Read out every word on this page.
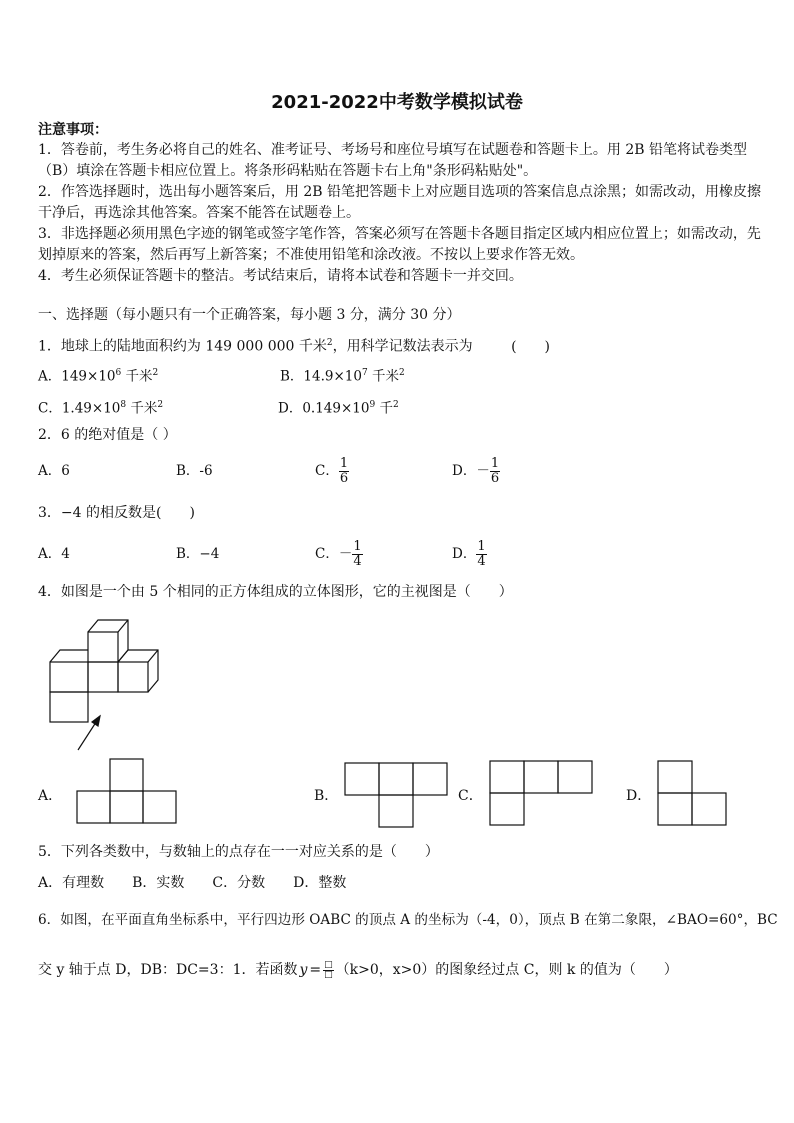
2021-2022中考数学模拟试卷
注意事项：
1．答卷前，考生务必将自己的姓名、准考证号、考场号和座位号填写在试题卷和答题卡上。用 2B 铅笔将试卷类型
（B）填涂在答题卡相应位置上。将条形码粘贴在答题卡右上角"条形码粘贴处"。
2．作答选择题时，选出每小题答案后，用 2B 铅笔把答题卡上对应题目选项的答案信息点涂黑；如需改动，用橡皮擦
干净后，再选涂其他答案。答案不能答在试题卷上。
3．非选择题必须用黑色字迹的钢笔或签字笔作答，答案必须写在答题卡各题目指定区域内相应位置上；如需改动，先
划掉原来的答案，然后再写上新答案；不准使用铅笔和涂改液。不按以上要求作答无效。
4．考生必须保证答题卡的整洁。考试结束后，请将本试卷和答题卡一并交回。
一、选择题（每小题只有一个正确答案，每小题 3 分，满分 30 分）
1．地球上的陆地面积约为 149 000 000 千米$^2$，用科学记数法表示为	(　　)
A．$149\times 10^6$ 千米$^2$	B．$14.9\times 10^7$ 千米$^2$
C．$1.49\times 10^8$ 千米$^2$	D．$0.149\times 10^9$ 千$^2$
2．6 的绝对值是（ ）
A．6	B．-6	C． $\frac{1}{6}$	D．－ $\frac{1}{6}$
3．−4 的相反数是(　　)
A．4	B．−4	C．－ $\frac{1}{4}$	D． $\frac{1}{4}$
4．如图是一个由 5 个相同的正方体组成的立体图形，它的主视图是（　　）
A．	B．	C．	D．
5．下列各类数中，与数轴上的点存在一一对应关系的是（　　）
A．有理数　　B．实数　　C．分数　　D．整数
6．如图，在平面直角坐标系中，平行四边形 OABC 的顶点 A 的坐标为（-4，0），顶点 B 在第二象限，∠BAO=60°，BC
交 y 轴于点 D，DB：DC=3：1．若函数 $y = \frac{□}{□} (k>0$，x>0）的图象经过点 C，则 k 的值为（　　）
